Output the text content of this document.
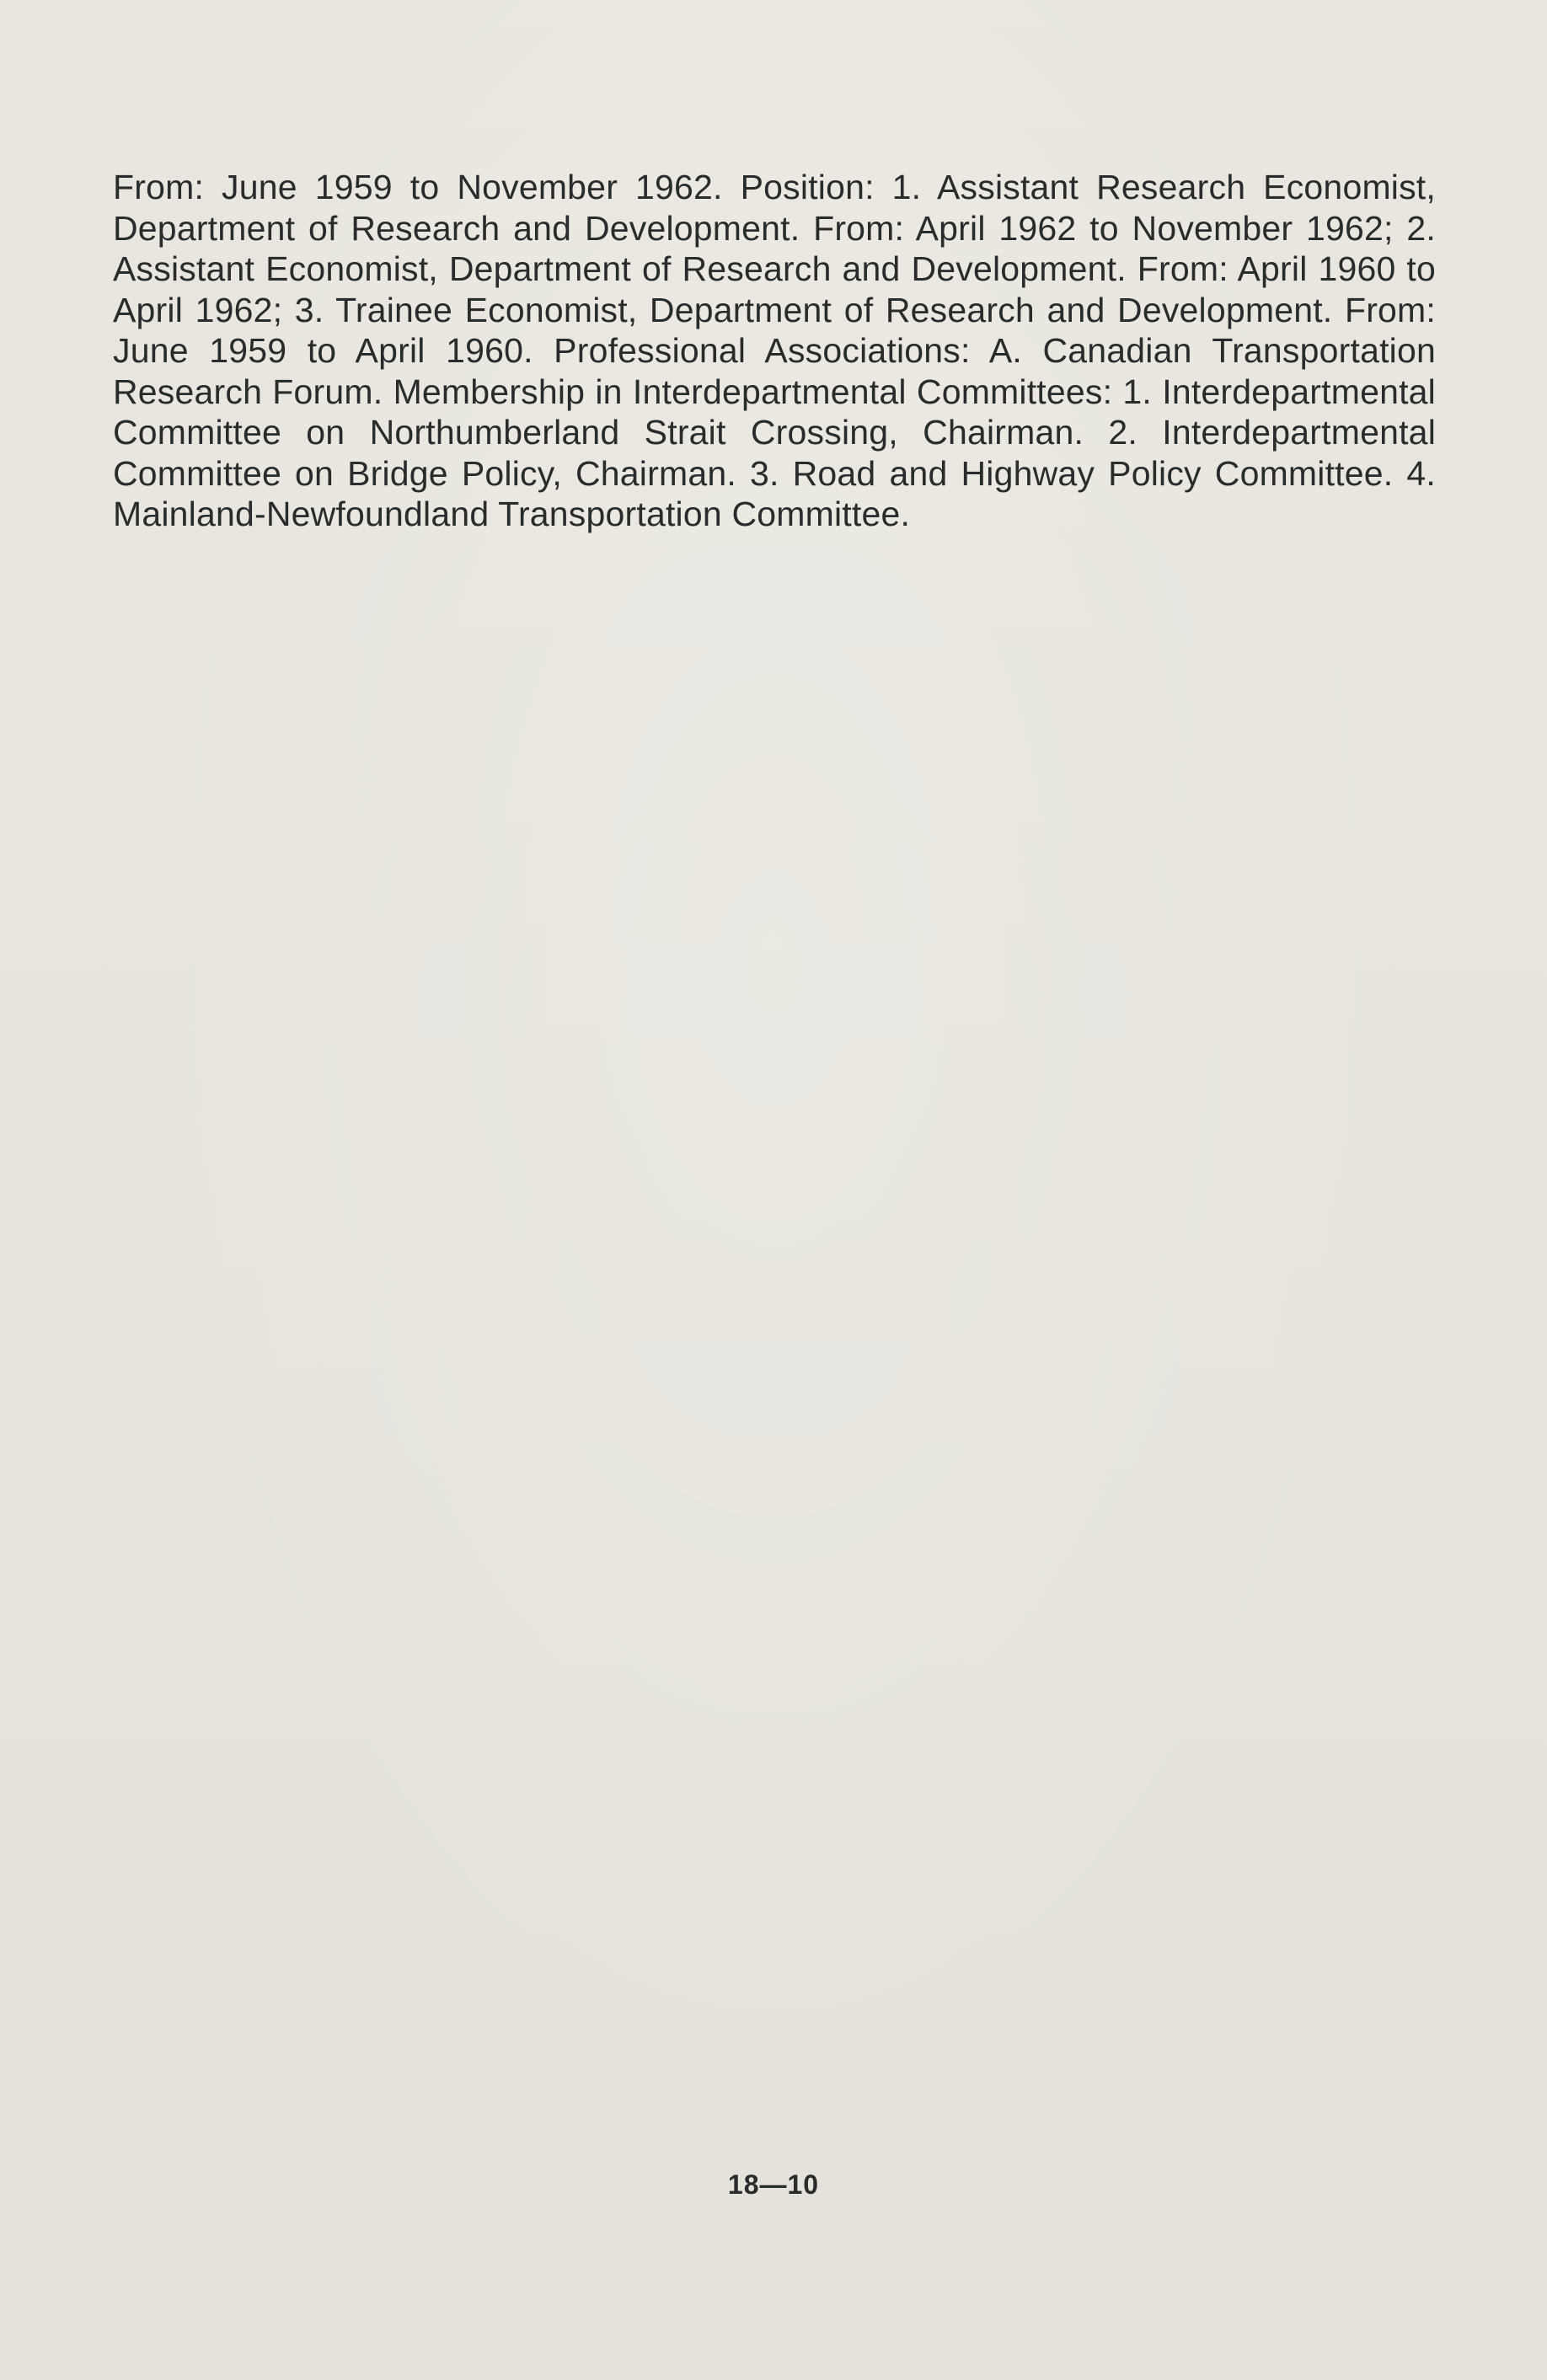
From: June 1959 to November 1962. Position: 1. Assistant Research Economist, Department of Research and Development. From: April 1962 to November 1962; 2. Assistant Economist, Department of Research and Development. From: April 1960 to April 1962; 3. Trainee Economist, Department of Research and Development. From: June 1959 to April 1960. Professional Associations: A. Canadian Transportation Research Forum. Membership in Interdepartmental Committees: 1. Interdepartmental Committee on Northumberland Strait Crossing, Chairman. 2. Interdepartmental Committee on Bridge Policy, Chairman. 3. Road and Highway Policy Committee. 4. Mainland-Newfoundland Transportation Committee.

18—10
